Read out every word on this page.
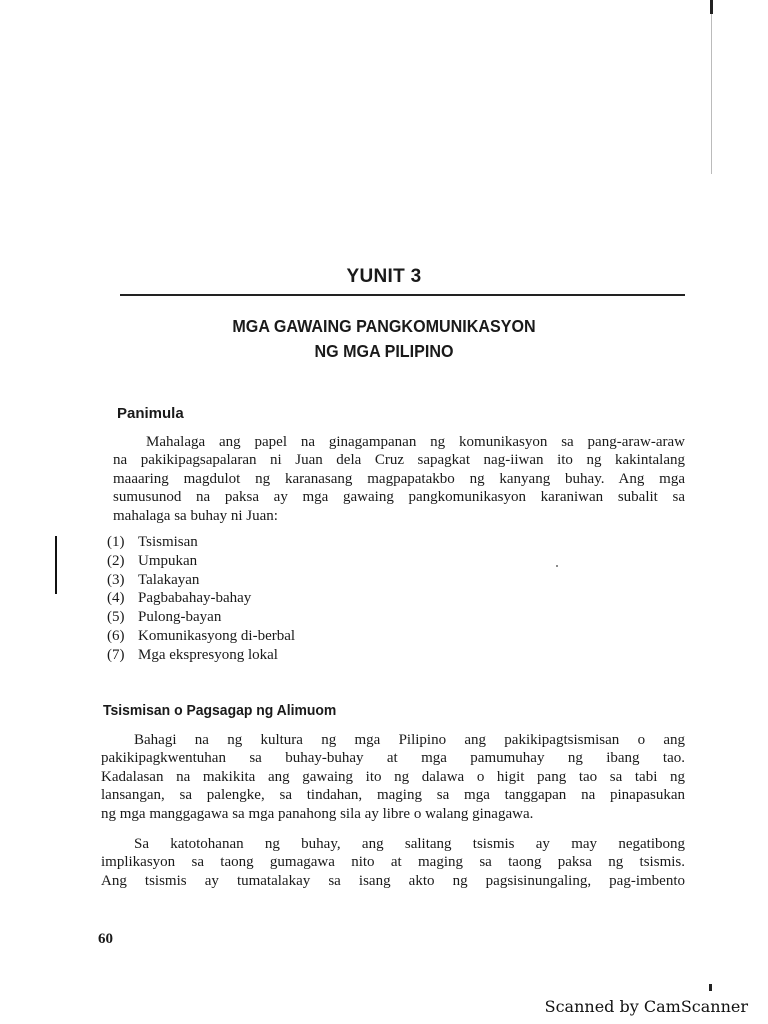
YUNIT 3
MGA GAWAING PANGKOMUNIKASYON
NG MGA PILIPINO
Panimula
Mahalaga ang papel na ginagampanan ng komunikasyon sa pang-araw-araw
na pakikipagsapalaran ni Juan dela Cruz sapagkat nag-iiwan ito ng kakintalang
maaaring magdulot ng karanasang magpapatakbo ng kanyang buhay. Ang mga
sumusunod na paksa ay mga gawaing pangkomunikasyon karaniwan subalit sa
mahalaga sa buhay ni Juan:
(1) Tsismisan
(2) Umpukan
(3) Talakayan
(4) Pagbabahay-bahay
(5) Pulong-bayan
(6) Komunikasyong di-berbal
(7) Mga ekspresyong lokal
Tsismisan o Pagsagap ng Alimuom
Bahagi na ng kultura ng mga Pilipino ang pakikipagtsismisan o ang
pakikipagkwentuhan sa buhay-buhay at mga pamumuhay ng ibang tao.
Kadalasan na makikita ang gawaing ito ng dalawa o higit pang tao sa tabi ng
lansangan, sa palengke, sa tindahan, maging sa mga tanggapan na pinapasukan
ng mga manggagawa sa mga panahong sila ay libre o walang ginagawa.
Sa katotohanan ng buhay, ang salitang tsismis ay may negatibong
implikasyon sa taong gumagawa nito at maging sa taong paksa ng tsismis.
Ang tsismis ay tumatalakay sa isang akto ng pagsisinungaling, pag-imbento
60
Scanned by CamScanner
